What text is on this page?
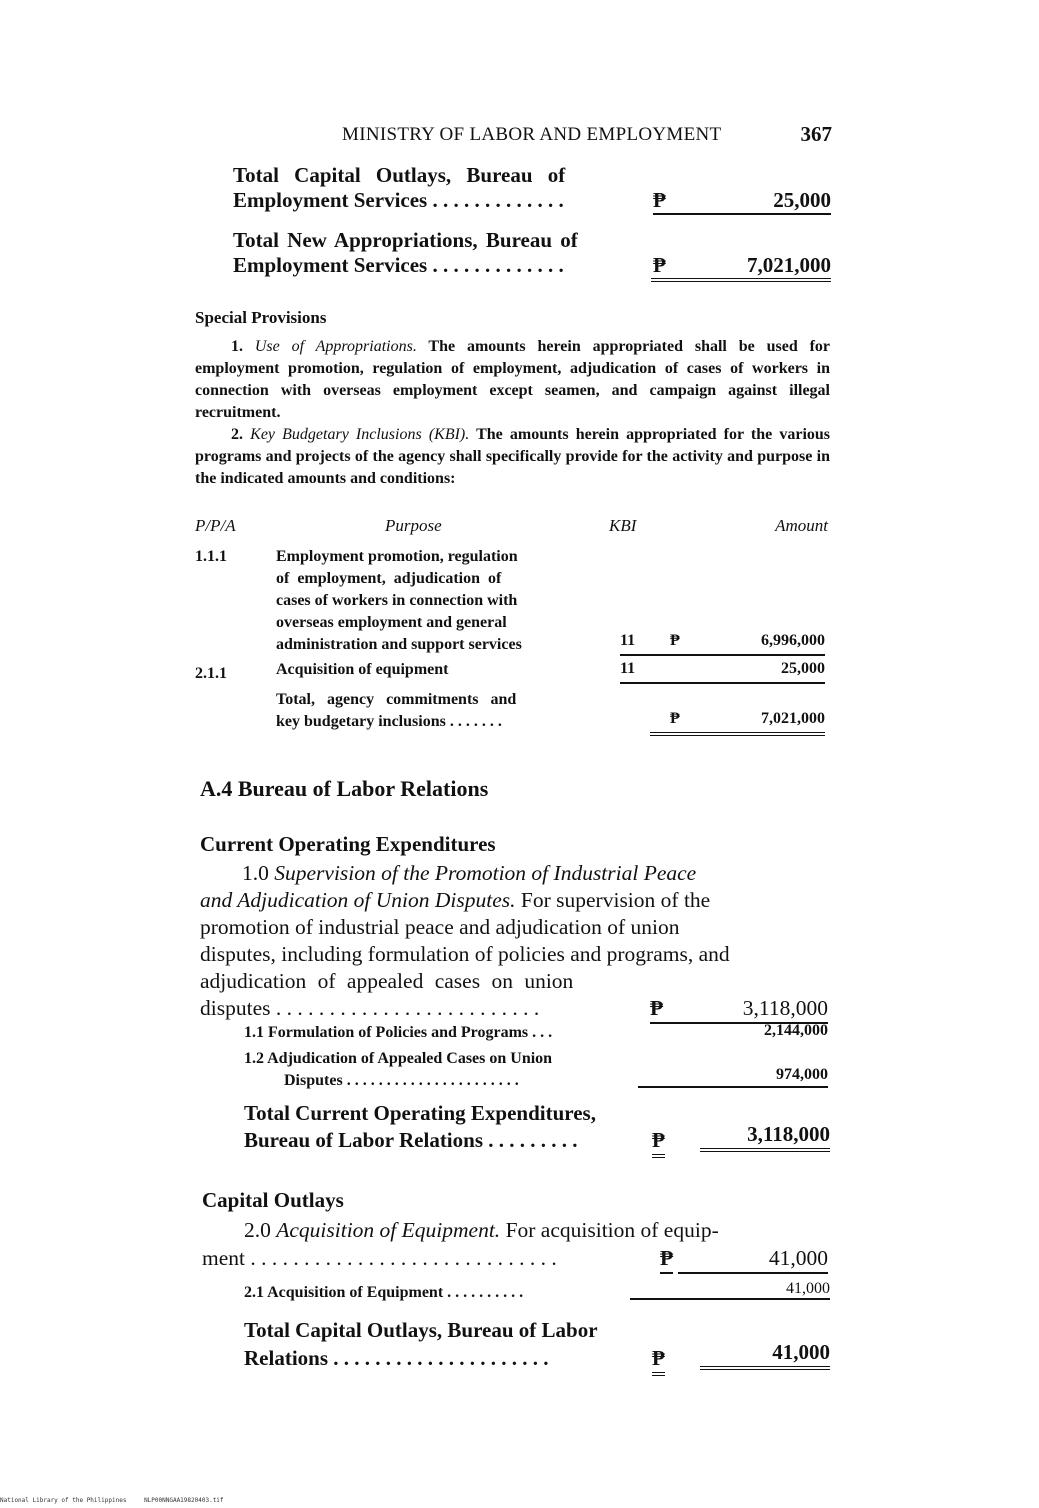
MINISTRY OF LABOR AND EMPLOYMENT	367
Total Capital Outlays, Bureau of
Employment Services . . . . . . . . . . . . .	₱	25,000
Total New Appropriations, Bureau of
Employment Services . . . . . . . . . . . . .	₱	7,021,000
Special Provisions
1. Use of Appropriations. The amounts herein appropriated shall be used for employment promotion, regulation of employment, adjudication of cases of workers in connection with overseas employment except seamen, and campaign against illegal recruitment.
2. Key Budgetary Inclusions (KBI). The amounts herein appropriated for the various programs and projects of the agency shall specifically provide for the activity and purpose in the indicated amounts and conditions:
P/P/A	Purpose	KBI	Amount
1.1.1	Employment promotion, regulation
of employment, adjudication of
cases of workers in connection with
overseas employment and general
administration and support services	11 ₱	6,996,000
2.1.1	Acquisition of equipment	11	25,000
Total, agency commitments and
key budgetary inclusions . . . . . . .	₱	7,021,000
A.4 Bureau of Labor Relations
Current Operating Expenditures
1.0 Supervision of the Promotion of Industrial Peace
and Adjudication of Union Disputes. For supervision of the
promotion of industrial peace and adjudication of union
disputes, including formulation of policies and programs, and
adjudication of appealed cases on union
disputes . . . . . . . . . . . . . . . . . . . . . . . . .	₱	3,118,000
1.1 Formulation of Policies and Programs . . .	2,144,000
1.2 Adjudication of Appealed Cases on Union
Disputes . . . . . . . . . . . . . . . . . . . . . .	974,000
Total Current Operating Expenditures,
Bureau of Labor Relations . . . . . . . . .	₱	3,118,000
Capital Outlays
2.0 Acquisition of Equipment. For acquisition of equip-
ment . . . . . . . . . . . . . . . . . . . . . . . . . . . . .	₱	41,000
2.1 Acquisition of Equipment . . . . . . . . . .	41,000
Total Capital Outlays, Bureau of Labor
Relations . . . . . . . . . . . . . . . . . . . . .	₱	41,000
National Library of the Philippines	NLP00NNGAA19820403.tif
